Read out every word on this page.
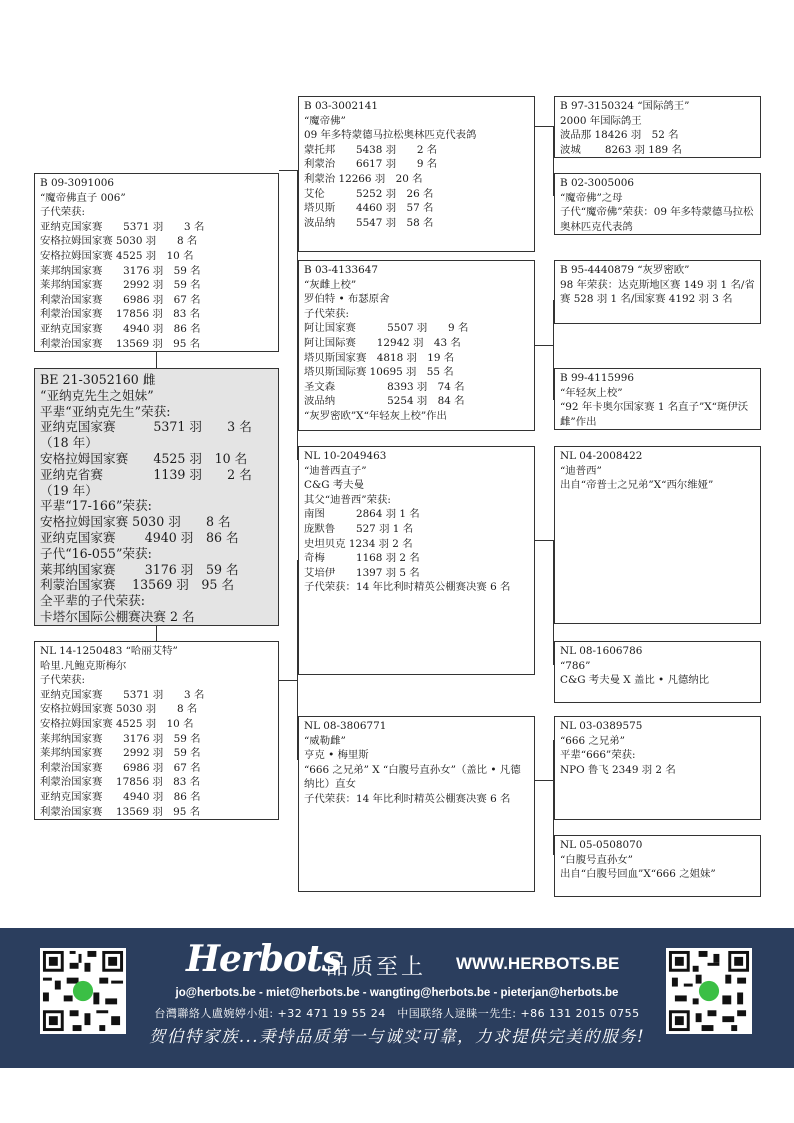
B 09-3091006
“魔帝佛直子 006”
子代荣获:
亚纳克国家赛　　5371 羽　　3 名
安格拉姆国家赛 5030 羽　　8 名
安格拉姆国家赛 4525 羽　10 名
莱邦纳国家赛　　3176 羽　59 名
莱邦纳国家赛　　2992 羽　59 名
利蒙治国家赛　　6986 羽　67 名
利蒙治国家赛　 17856 羽　83 名
亚纳克国家赛　　4940 羽　86 名
利蒙治国家赛　 13569 羽　95 名
BE 21-3052160 雌
“亚纳克先生之姐妹”
平辈“亚纳克先生”荣获:
亚纳克国家赛　　　5371 羽　　3 名
（18 年）
安格拉姆国家赛　　4525 羽　10 名
亚纳克省赛　　　　1139 羽　　2 名
（19 年）
平辈“17-166”荣获:
安格拉姆国家赛 5030 羽　　8 名
亚纳克国家赛　　 4940 羽　86 名
子代“16-055”荣获:
莱邦纳国家赛　　 3176 羽　59 名
利蒙治国家赛　 13569 羽　95 名
全平辈的子代荣获:
卡塔尔国际公棚赛决赛 2 名
NL 14-1250483 “哈丽艾特”
哈里.凡鲍克斯梅尔
子代荣获:
亚纳克国家赛　　5371 羽　　3 名
安格拉姆国家赛 5030 羽　　8 名
安格拉姆国家赛 4525 羽　10 名
莱邦纳国家赛　　3176 羽　59 名
莱邦纳国家赛　　2992 羽　59 名
利蒙治国家赛　　6986 羽　67 名
利蒙治国家赛　 17856 羽　83 名
亚纳克国家赛　　4940 羽　86 名
利蒙治国家赛　 13569 羽　95 名
B 03-3002141
“魔帝佛”
09 年多特蒙德马拉松奥林匹克代表鸽
蒙托邦　　5438 羽　　2 名
利蒙治　　6617 羽　　9 名
利蒙治 12266 羽　20 名
艾伦　　　5252 羽　26 名
塔贝斯　　4460 羽　57 名
波品纳　　5547 羽　58 名
B 03-4133647
“灰雌上校”
罗伯特 • 布瑟原舍
子代荣获:
阿让国家赛　　　5507 羽　　9 名
阿让国际赛　　12942 羽　43 名
塔贝斯国家赛　4818 羽　19 名
塔贝斯国际赛 10695 羽　55 名
圣文森　　　　　8393 羽　74 名
波品纳　　　　　5254 羽　84 名
“灰罗密欧”X“年轻灰上校”作出
NL 10-2049463
“迪普西直子”
C&G 考夫曼
其父“迪普西”荣获:
南图　　　2864 羽 1 名
庞默鲁　　527 羽 1 名
史坦贝克 1234 羽 2 名
奇梅　　　1168 羽 2 名
艾培伊　　1397 羽 5 名
子代荣获：14 年比利时精英公棚赛决赛 6 名
NL 08-3806771
“威勒雌”
亨克 • 梅里斯
“666 之兄弟” X “白腹号直孙女”（盖比 • 凡德纳比）直女
子代荣获：14 年比利时精英公棚赛决赛 6 名
B 97-3150324 “国际鸽王”
2000 年国际鸽王
波品那 18426 羽　52 名
波城　　 8263 羽 189 名
B 02-3005006
“魔帝佛”之母
子代“魔帝佛”荣获：09 年多特蒙德马拉松奥林匹克代表鸽
B 95-4440879 “灰罗密欧”
98 年荣获：达克斯地区赛 149 羽 1 名/省赛 528 羽 1 名/国家赛 4192 羽 3 名
B 99-4115996
“年轻灰上校”
“92 年卡奥尔国家赛 1 名直子”X“斑伊沃雌”作出
NL 04-2008422
“迪普西”
出自“帝普士之兄弟”X“西尔维娅”
NL 08-1606786
“786”
C&G 考夫曼 X 盖比 • 凡德纳比
NL 03-0389575
“666 之兄弟”
平辈“666”荣获:
NPO 鲁飞 2349 羽 2 名
NL 05-0508070
“白腹号直孙女”
出自“白腹号回血”X“666 之姐妹”
Herbots
品质至上 WWW.HERBOTS.BE
jo@herbots.be - miet@herbots.be - wangting@herbots.be - pieterjan@herbots.be
台灣聯絡人盧婉婷小姐: +32 471 19 55 24　中国联络人逯睐一先生: +86 131 2015 0755
贺伯特家族...秉持品质第一与诚实可靠，力求提供完美的服务!
